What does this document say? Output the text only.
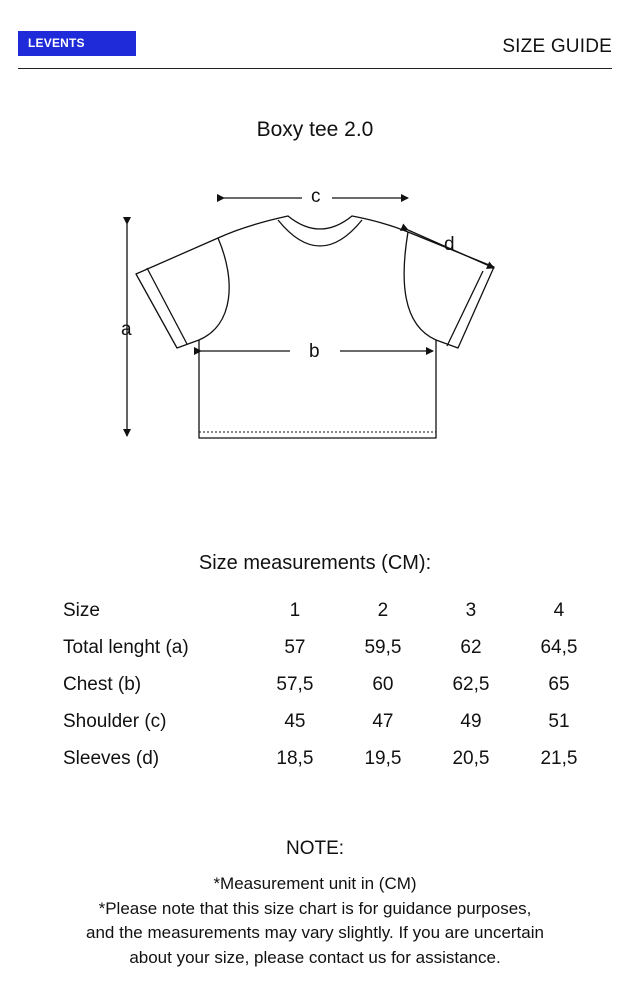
LEVENTS	SIZE GUIDE
Boxy tee 2.0
a
b
c
d
Size measurements (CM):
Size	1	2	3	4
Total lenght (a)	57	59,5	62	64,5
Chest (b)	57,5	60	62,5	65
Shoulder (c)	45	47	49	51
Sleeves (d)	18,5	19,5	20,5	21,5
NOTE:
*Measurement unit in (CM)
*Please note that this size chart is for guidance purposes,
and the measurements may vary slightly. If you are uncertain
about your size, please contact us for assistance.
